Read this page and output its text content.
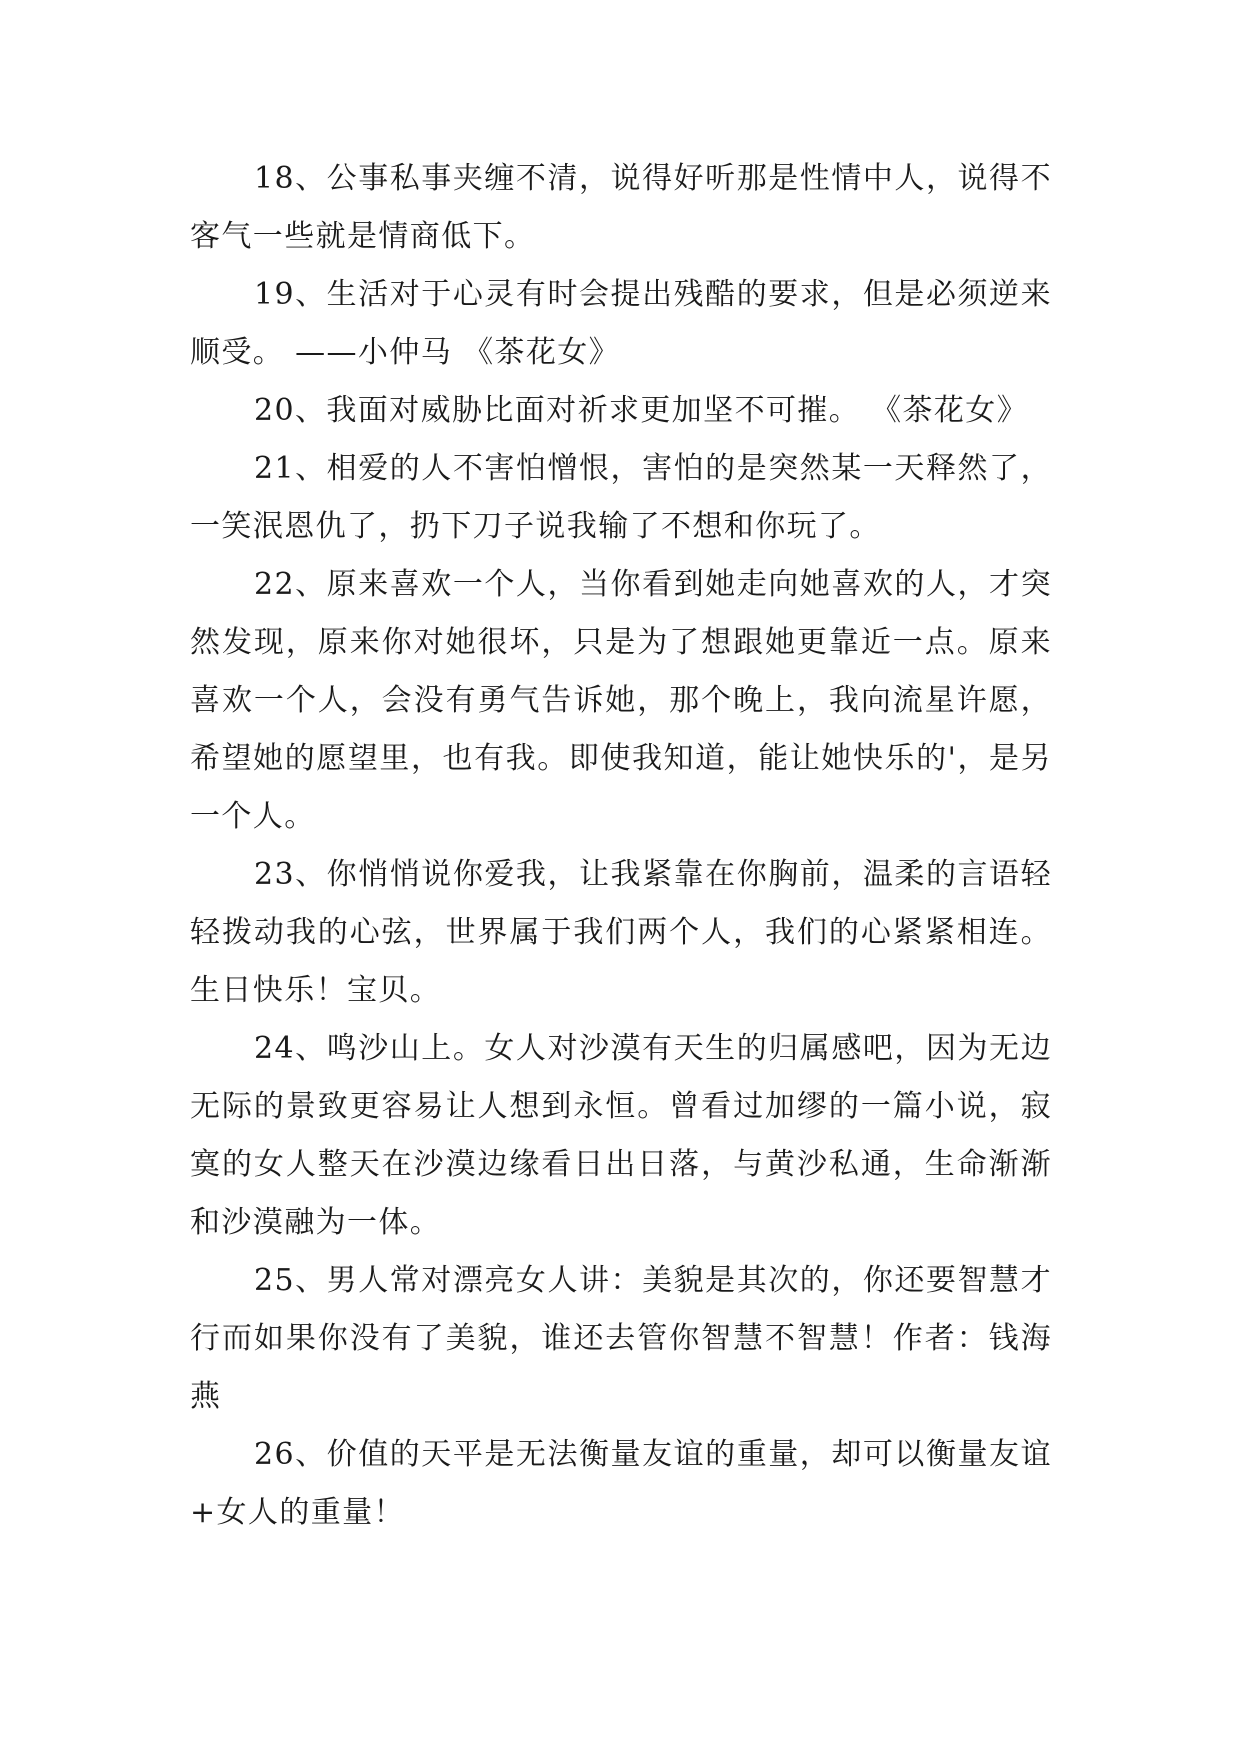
18、公事私事夹缠不清，说得好听那是性情中人，说得不客气一些就是情商低下。

19、生活对于心灵有时会提出残酷的要求，但是必须逆来顺受。 ——小仲马 《茶花女》

20、我面对威胁比面对祈求更加坚不可摧。 《茶花女》

21、相爱的人不害怕憎恨，害怕的是突然某一天释然了，一笑泯恩仇了，扔下刀子说我输了不想和你玩了。

22、原来喜欢一个人，当你看到她走向她喜欢的人，才突然发现，原来你对她很坏，只是为了想跟她更靠近一点。原来喜欢一个人，会没有勇气告诉她，那个晚上，我向流星许愿，希望她的愿望里，也有我。即使我知道，能让她快乐的'，是另一个人。

23、你悄悄说你爱我，让我紧靠在你胸前，温柔的言语轻轻拨动我的心弦，世界属于我们两个人，我们的心紧紧相连。生日快乐！宝贝。

24、鸣沙山上。女人对沙漠有天生的归属感吧，因为无边无际的景致更容易让人想到永恒。曾看过加缪的一篇小说，寂寞的女人整天在沙漠边缘看日出日落，与黄沙私通，生命渐渐和沙漠融为一体。

25、男人常对漂亮女人讲：美貌是其次的，你还要智慧才行而如果你没有了美貌，谁还去管你智慧不智慧！作者：钱海燕

26、价值的天平是无法衡量友谊的重量，却可以衡量友谊+女人的重量！
